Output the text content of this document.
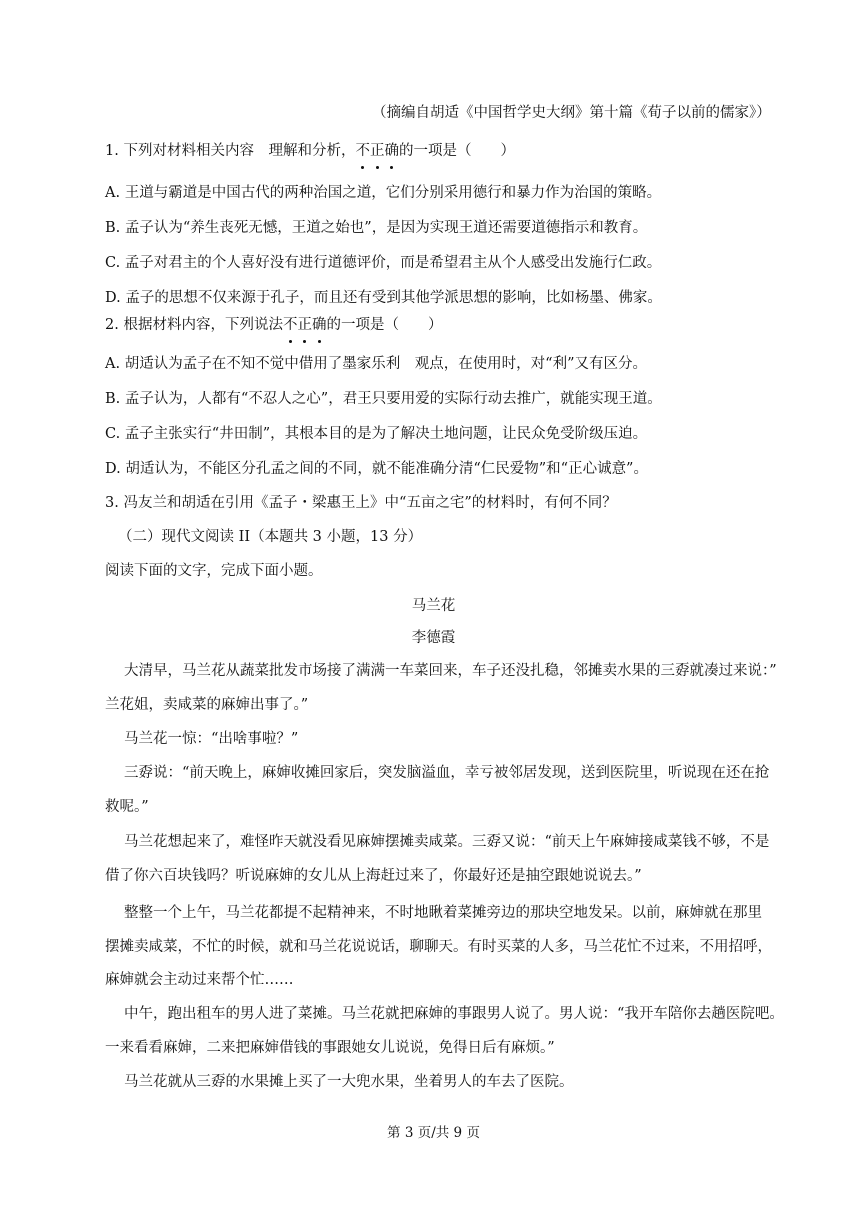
（摘编自胡适《中国哲学史大纲》第十篇《荀子以前的儒家》）
1. 下列对材料相关内容　理解和分析，不正确的一项是（　　）
A. 王道与霸道是中国古代的两种治国之道，它们分别采用德行和暴力作为治国的策略。
B. 孟子认为“养生丧死无憾，王道之始也”，是因为实现王道还需要道德指示和教育。
C. 孟子对君主的个人喜好没有进行道德评价，而是希望君主从个人感受出发施行仁政。
D. 孟子的思想不仅来源于孔子，而且还有受到其他学派思想的影响，比如杨墨、佛家。
2. 根据材料内容，下列说法不正确的一项是（　　）
A. 胡适认为孟子在不知不觉中借用了墨家乐利　观点，在使用时，对“利”又有区分。
B. 孟子认为，人都有“不忍人之心”，君王只要用爱的实际行动去推广，就能实现王道。
C. 孟子主张实行“井田制”，其根本目的是为了解决土地问题，让民众免受阶级压迫。
D. 胡适认为，不能区分孔孟之间的不同，就不能准确分清“仁民爱物”和“正心诚意”。
3. 冯友兰和胡适在引用《孟子・梁惠王上》中“五亩之宅”的材料时，有何不同？
（二）现代文阅读 II（本题共 3 小题，13 分）
阅读下面的文字，完成下面小题。
马兰花
李德霞
大清早，马兰花从蔬菜批发市场接了满满一车菜回来，车子还没扎稳，邻摊卖水果的三孬就凑过来说：”
兰花姐，卖咸菜的麻婶出事了。”
马兰花一惊：“出啥事啦？”
三孬说：“前天晚上，麻婶收摊回家后，突发脑溢血，幸亏被邻居发现，送到医院里，听说现在还在抢
救呢。”
马兰花想起来了，难怪昨天就没看见麻婶摆摊卖咸菜。三孬又说：“前天上午麻婶接咸菜钱不够，不是
借了你六百块钱吗？听说麻婶的女儿从上海赶过来了，你最好还是抽空跟她说说去。”
整整一个上午，马兰花都提不起精神来，不时地瞅着菜摊旁边的那块空地发呆。以前，麻婶就在那里
摆摊卖咸菜，不忙的时候，就和马兰花说说话，聊聊天。有时买菜的人多，马兰花忙不过来，不用招呼，
麻婶就会主动过来帮个忙……
中午，跑出租车的男人进了菜摊。马兰花就把麻婶的事跟男人说了。男人说：“我开车陪你去趟医院吧。
一来看看麻婶，二来把麻婶借钱的事跟她女儿说说，免得日后有麻烦。”
马兰花就从三孬的水果摊上买了一大兜水果，坐着男人的车去了医院。
第 3 页/共 9 页
